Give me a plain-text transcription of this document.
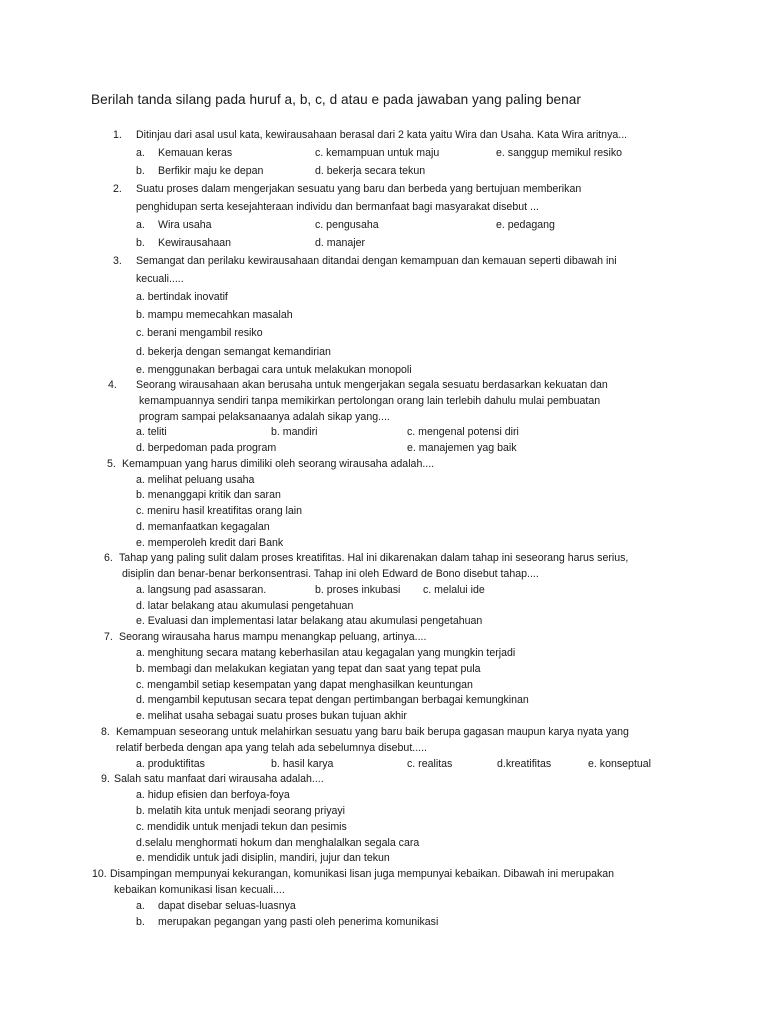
Berilah tanda silang pada huruf a, b, c, d atau e pada jawaban yang paling benar
1. Ditinjau dari asal usul kata, kewirausahaan berasal dari 2 kata yaitu Wira dan Usaha. Kata Wira aritnya...
a. Kemauan keras	c. kemampuan untuk maju	e. sanggup memikul resiko
b. Berfikir maju ke depan	d. bekerja secara tekun
2. Suatu proses dalam mengerjakan sesuatu yang baru dan berbeda yang bertujuan memberikan
penghidupan serta kesejahteraan individu dan bermanfaat bagi masyarakat disebut ...
a. Wira usaha	c. pengusaha	e. pedagang
b. Kewirausahaan	d. manajer
3. Semangat dan perilaku kewirausahaan ditandai dengan kemampuan dan kemauan seperti dibawah ini
kecuali.....
a. bertindak inovatif
b. mampu memecahkan masalah
c. berani mengambil resiko
d. bekerja dengan semangat kemandirian
e. menggunakan berbagai cara untuk melakukan monopoli
4. Seorang wirausahaan akan berusaha untuk mengerjakan segala sesuatu berdasarkan kekuatan dan
kemampuannya sendiri tanpa memikirkan pertolongan orang lain terlebih dahulu mulai pembuatan
program sampai pelaksanaanya adalah sikap yang....
a. teliti	b. mandiri	c. mengenal potensi diri
d. berpedoman pada program	e. manajemen yag baik
5. Kemampuan yang harus dimiliki oleh seorang wirausaha adalah....
a. melihat peluang usaha
b. menanggapi kritik dan saran
c. meniru hasil kreatifitas orang lain
d. memanfaatkan kegagalan
e. memperoleh kredit dari Bank
6. Tahap yang paling sulit dalam proses kreatifitas. Hal ini dikarenakan dalam tahap ini seseorang harus serius,
disiplin dan benar-benar berkonsentrasi. Tahap ini oleh Edward de Bono disebut tahap....
a. langsung pad asassaran.	b. proses inkubasi c. melalui ide
d. latar belakang atau akumulasi pengetahuan
e. Evaluasi dan implementasi latar belakang atau akumulasi pengetahuan
7. Seorang wirausaha harus mampu menangkap peluang, artinya....
a. menghitung secara matang keberhasilan atau kegagalan yang mungkin terjadi
b. membagi dan melakukan kegiatan yang tepat dan saat yang tepat pula
c. mengambil setiap kesempatan yang dapat menghasilkan keuntungan
d. mengambil keputusan secara tepat dengan pertimbangan berbagai kemungkinan
e. melihat usaha sebagai suatu proses bukan tujuan akhir
8. Kemampuan seseorang untuk melahirkan sesuatu yang baru baik berupa gagasan maupun karya nyata yang
relatif berbeda dengan apa yang telah ada sebelumnya disebut.....
a. produktifitas	b. hasil karya	c. realitas	d.kreatifitas	e. konseptual
9. Salah satu manfaat dari wirausaha adalah....
a. hidup efisien dan berfoya-foya
b. melatih kita untuk menjadi seorang priyayi
c. mendidik untuk menjadi tekun dan pesimis
d.selalu menghormati hokum dan menghalalkan segala cara
e. mendidik untuk jadi disiplin, mandiri, jujur dan tekun
10. Disampingan mempunyai kekurangan, komunikasi lisan juga mempunyai kebaikan. Dibawah ini merupakan
kebaikan komunikasi lisan kecuali....
a. dapat disebar seluas-luasnya
b. merupakan pegangan yang pasti oleh penerima komunikasi
